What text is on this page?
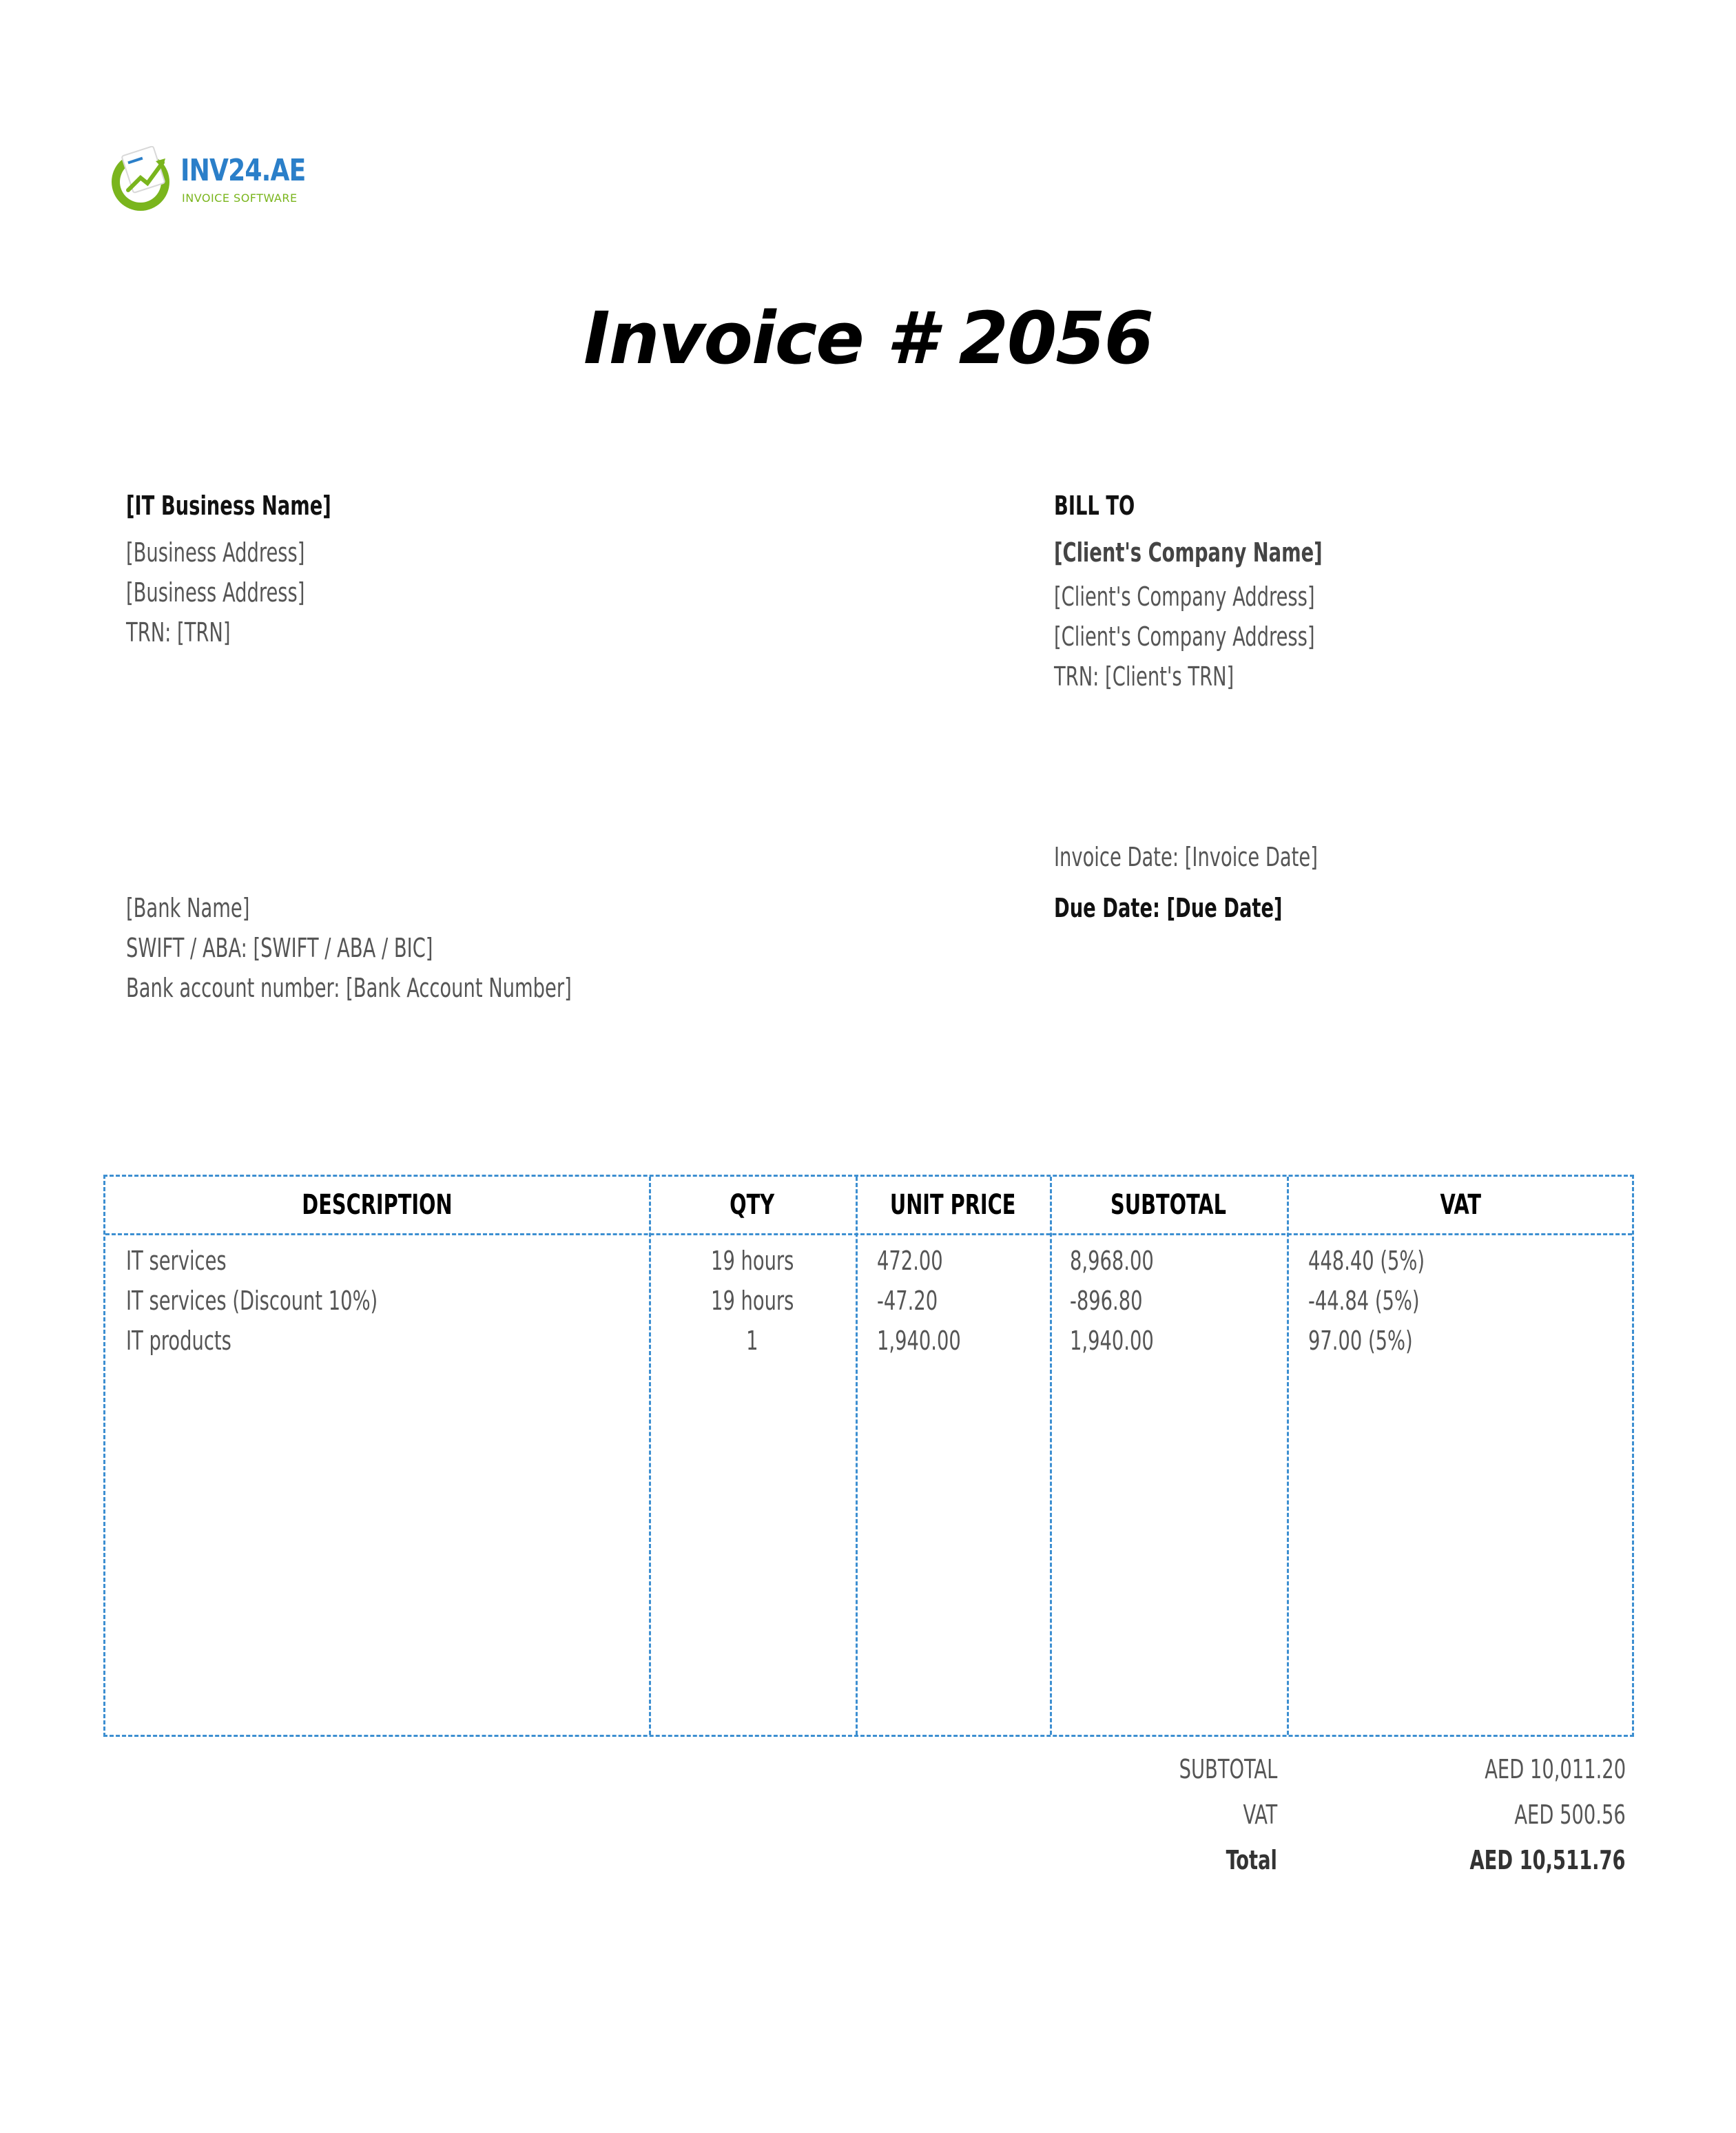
INV24.AE
INVOICE SOFTWARE
Invoice # 2056
[IT Business Name]
[Business Address]
[Business Address]
TRN: [TRN]
BILL TO
[Client's Company Name]
[Client's Company Address]
[Client's Company Address]
TRN: [Client's TRN]
Invoice Date: [Invoice Date]
Due Date: [Due Date]
[Bank Name]
SWIFT / ABA: [SWIFT / ABA / BIC]
Bank account number: [Bank Account Number]
DESCRIPTION	QTY	UNIT PRICE	SUBTOTAL	VAT
IT services	19 hours	472.00	8,968.00	448.40 (5%)
IT services (Discount 10%)	19 hours	-47.20	-896.80	-44.84 (5%)
IT products	1	1,940.00	1,940.00	97.00 (5%)
SUBTOTAL	AED 10,011.20
VAT	AED 500.56
Total	AED 10,511.76
